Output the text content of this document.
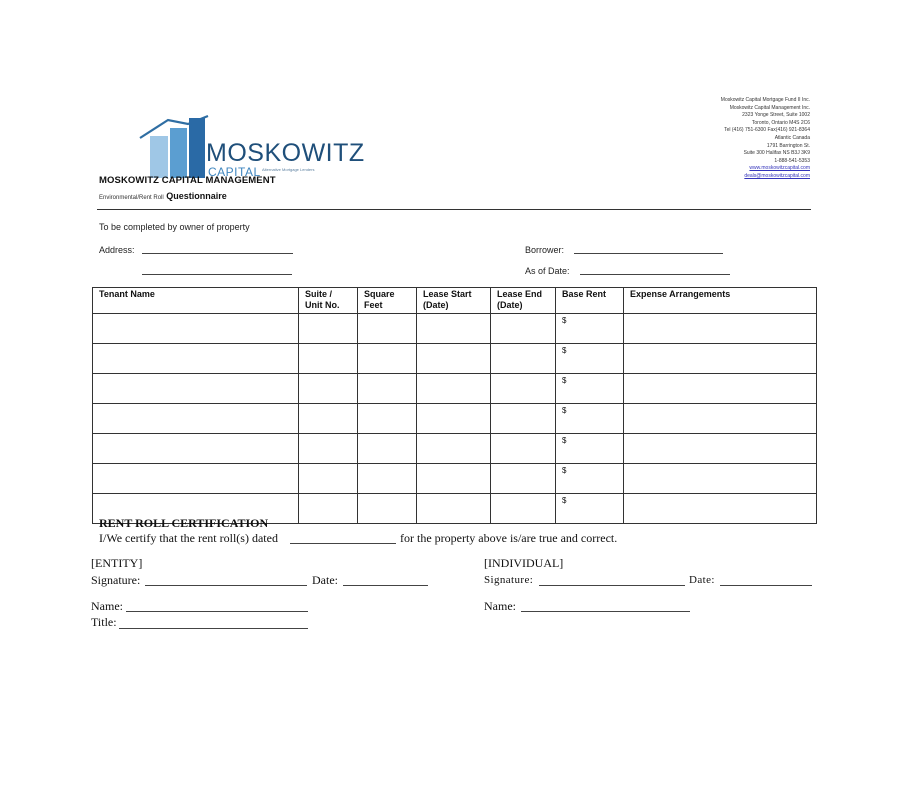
MOSKOWITZ
CAPITAL Alternative Mortgage Lenders
Moskowitz Capital Mortgage Fund II Inc.
Moskowitz Capital Management Inc.
2323 Yonge Street, Suite 1002
Toronto, Ontario M4S 2C6
Tel (416) 751-6300 Fax(416) 921-8364
Atlantic Canada
1791 Barrington St.
Suite 300 Halifax NS B3J 3K9
1-888-541-5353
www.moskowitzcapital.com
deals@moskowitzcapital.com
MOSKOWITZ CAPITAL MANAGEMENT
Environmental/Rent Roll Questionnaire
To be completed by owner of property
Address:	Borrower:
As of Date:
Tenant Name	Suite / Unit No.	Square Feet	Lease Start (Date)	Lease End (Date)	Base Rent	Expense Arrangements
					$	
					$	
					$	
					$	
					$	
					$	
					$	
RENT ROLL CERTIFICATION
I/We certify that the rent roll(s) dated	for the property above is/are true and correct.
[ENTITY]
Signature:	Date:
Name:
Title:
[INDIVIDUAL]
Signature:	Date:
Name:
